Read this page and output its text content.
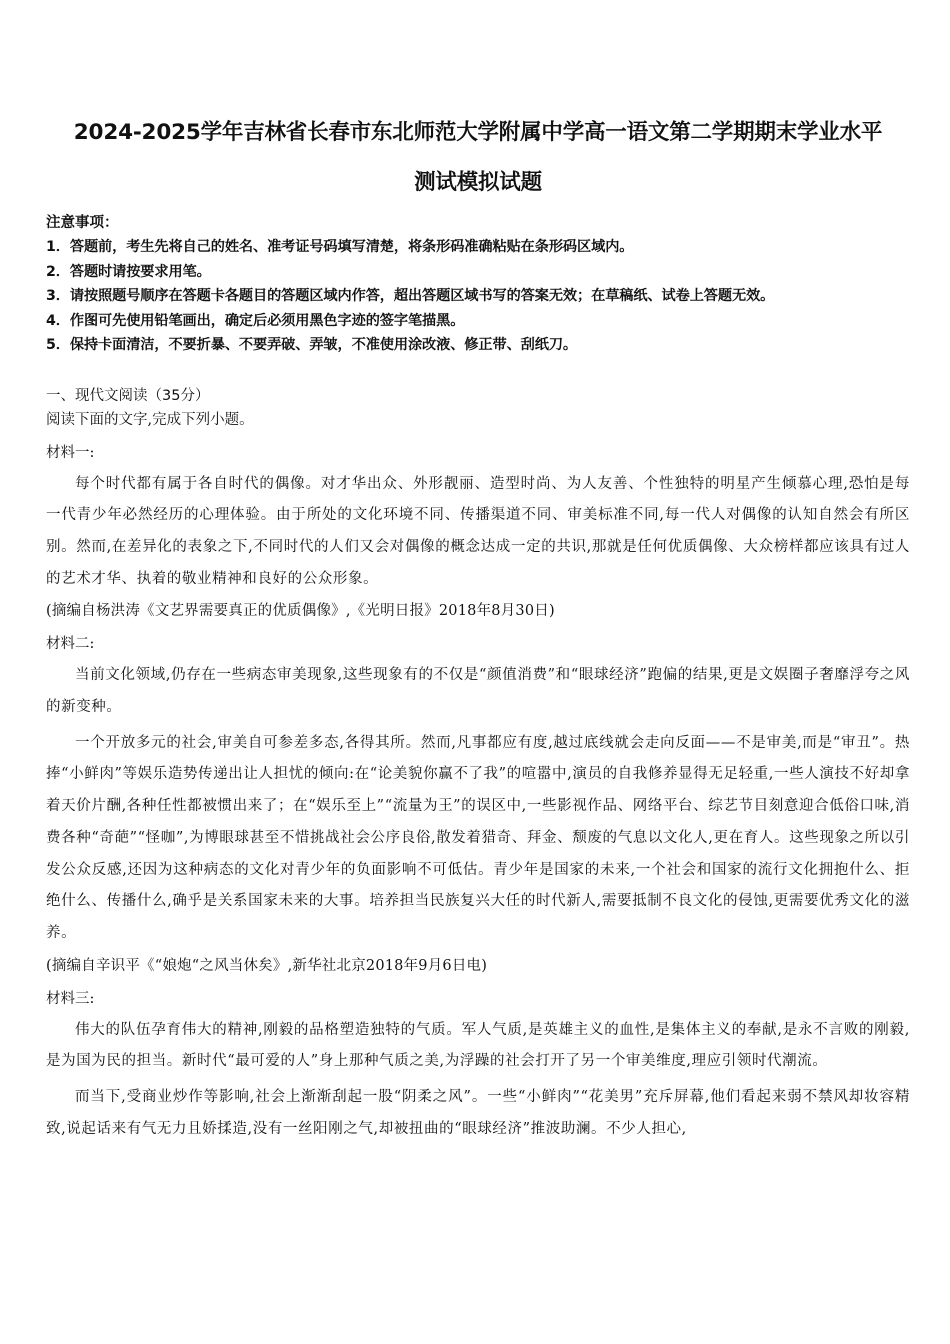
2024-2025学年吉林省长春市东北师范大学附属中学高一语文第二学期期末学业水平
测试模拟试题
注意事项：
1．答题前，考生先将自己的姓名、准考证号码填写清楚，将条形码准确粘贴在条形码区域内。
2．答题时请按要求用笔。
3．请按照题号顺序在答题卡各题目的答题区域内作答，超出答题区域书写的答案无效；在草稿纸、试卷上答题无效。
4．作图可先使用铅笔画出，确定后必须用黑色字迹的签字笔描黑。
5．保持卡面清洁，不要折暴、不要弄破、弄皱，不准使用涂改液、修正带、刮纸刀。
一、现代文阅读（35分）
阅读下面的文字,完成下列小题。
材料一:

每个时代都有属于各自时代的偶像。对才华出众、外形靓丽、造型时尚、为人友善、个性独特的明星产生倾慕心理,恐怕是每一代青少年必然经历的心理体验。由于所处的文化环境不同、传播渠道不同、审美标准不同,每一代人对偶像的认知自然会有所区别。然而,在差异化的表象之下,不同时代的人们又会对偶像的概念达成一定的共识,那就是任何优质偶像、大众榜样都应该具有过人的艺术才华、执着的敬业精神和良好的公众形象。

(摘编自杨洪涛《文艺界需要真正的优质偶像》,《光明日报》2018年8月30日)
材料二:

当前文化领域,仍存在一些病态审美现象,这些现象有的不仅是“颜值消费”和“眼球经济”跑偏的结果,更是文娱圈子奢靡浮夸之风的新变种。

一个开放多元的社会,审美自可参差多态,各得其所。然而,凡事都应有度,越过底线就会走向反面——不是审美,而是“审丑”。热捧“小鲜肉”等娱乐造势传递出让人担忧的倾向:在“论美貌你赢不了我”的喧嚣中,演员的自我修养显得无足轻重,一些人演技不好却拿着天价片酬,各种任性都被惯出来了；在“娱乐至上”“流量为王”的误区中,一些影视作品、网络平台、综艺节目刻意迎合低俗口味,消费各种“奇葩”“怪咖”,为博眼球甚至不惜挑战社会公序良俗,散发着猎奇、拜金、颓废的气息以文化人,更在育人。这些现象之所以引发公众反感,还因为这种病态的文化对青少年的负面影响不可低估。青少年是国家的未来,一个社会和国家的流行文化拥抱什么、拒绝什么、传播什么,确乎是关系国家未来的大事。培养担当民族复兴大任的时代新人,需要抵制不良文化的侵蚀,更需要优秀文化的滋养。

(摘编自辛识平《“娘炮“之风当休矣》,新华社北京2018年9月6日电)
材料三:

伟大的队伍孕育伟大的精神,刚毅的品格塑造独特的气质。军人气质,是英雄主义的血性,是集体主义的奉献,是永不言败的刚毅,是为国为民的担当。新时代“最可爱的人”身上那种气质之美,为浮躁的社会打开了另一个审美维度,理应引领时代潮流。

而当下,受商业炒作等影响,社会上渐渐刮起一股“阴柔之风”。一些“小鲜肉”“花美男”充斥屏幕,他们看起来弱不禁风却妆容精致,说起话来有气无力且娇揉造,没有一丝阳刚之气,却被扭曲的“眼球经济”推波助澜。不少人担心,
